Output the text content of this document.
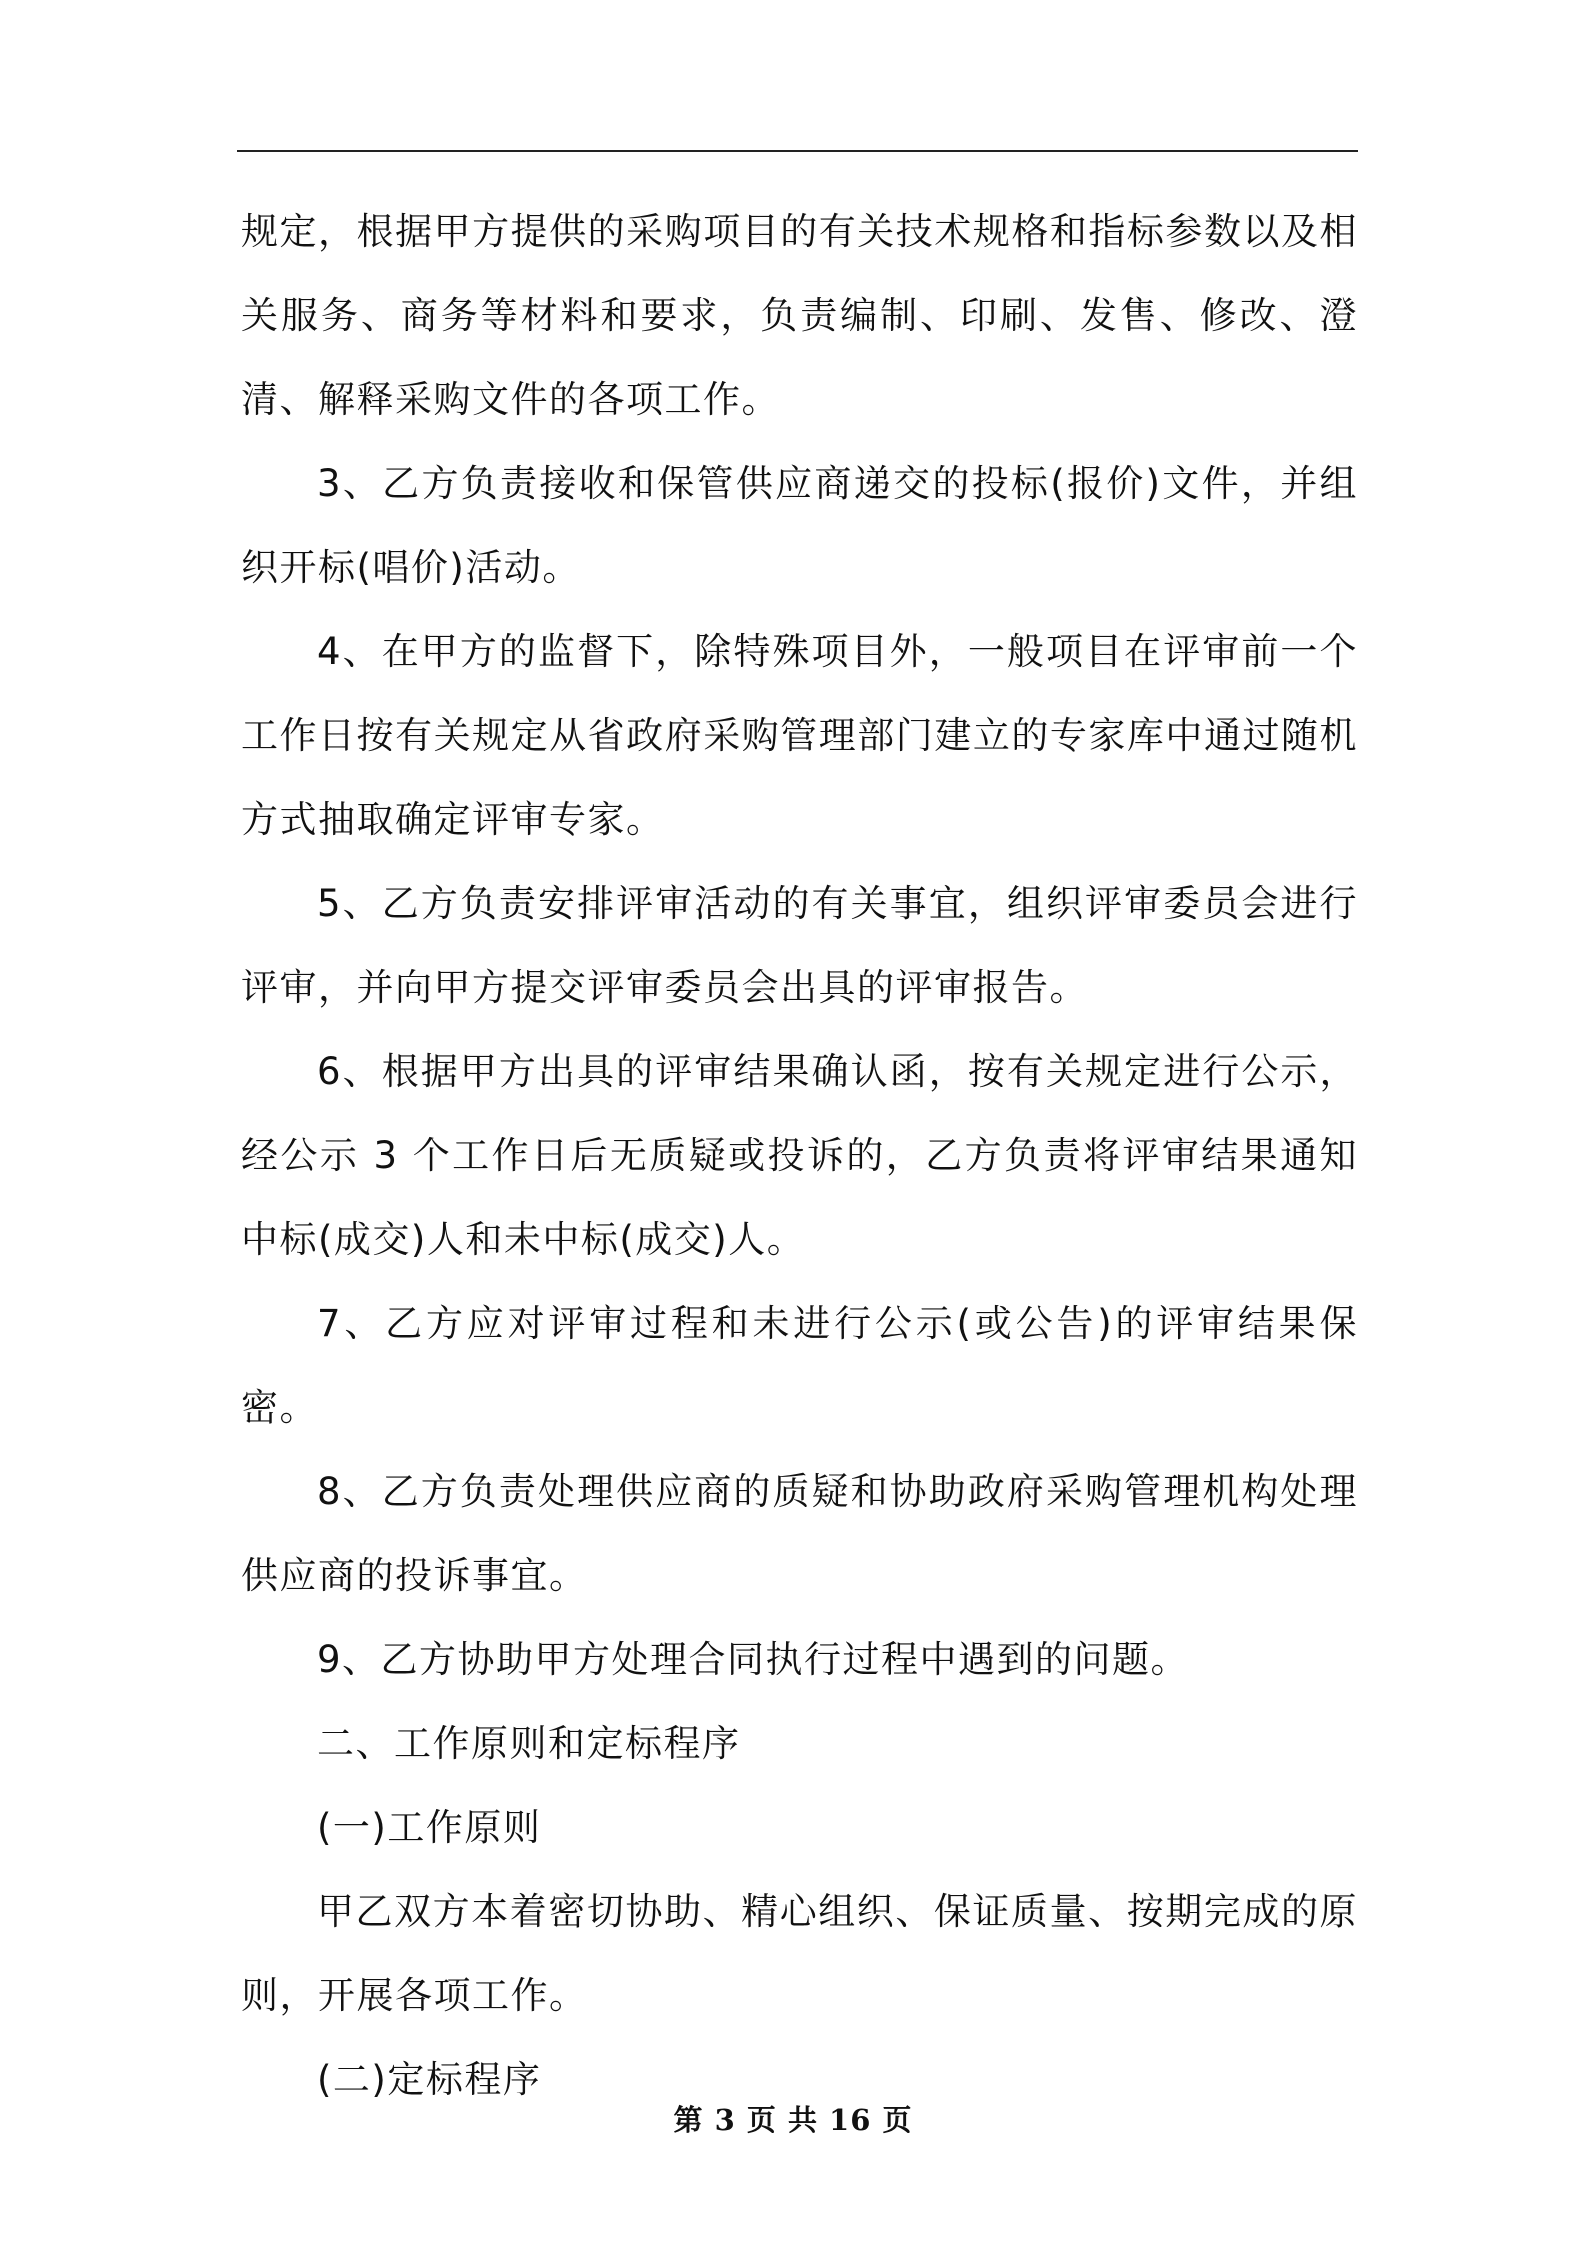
规定，根据甲方提供的采购项目的有关技术规格和指标参数以及相关服务、商务等材料和要求，负责编制、印刷、发售、修改、澄清、解释采购文件的各项工作。

3、乙方负责接收和保管供应商递交的投标(报价)文件，并组织开标(唱价)活动。

4、在甲方的监督下，除特殊项目外，一般项目在评审前一个工作日按有关规定从省政府采购管理部门建立的专家库中通过随机方式抽取确定评审专家。

5、乙方负责安排评审活动的有关事宜，组织评审委员会进行评审，并向甲方提交评审委员会出具的评审报告。

6、根据甲方出具的评审结果确认函，按有关规定进行公示，经公示 3 个工作日后无质疑或投诉的，乙方负责将评审结果通知中标(成交)人和未中标(成交)人。

7、乙方应对评审过程和未进行公示(或公告)的评审结果保密。

8、乙方负责处理供应商的质疑和协助政府采购管理机构处理供应商的投诉事宜。

9、乙方协助甲方处理合同执行过程中遇到的问题。

二、工作原则和定标程序

(一)工作原则

甲乙双方本着密切协助、精心组织、保证质量、按期完成的原则，开展各项工作。

(二)定标程序

第 3 页 共 16 页
